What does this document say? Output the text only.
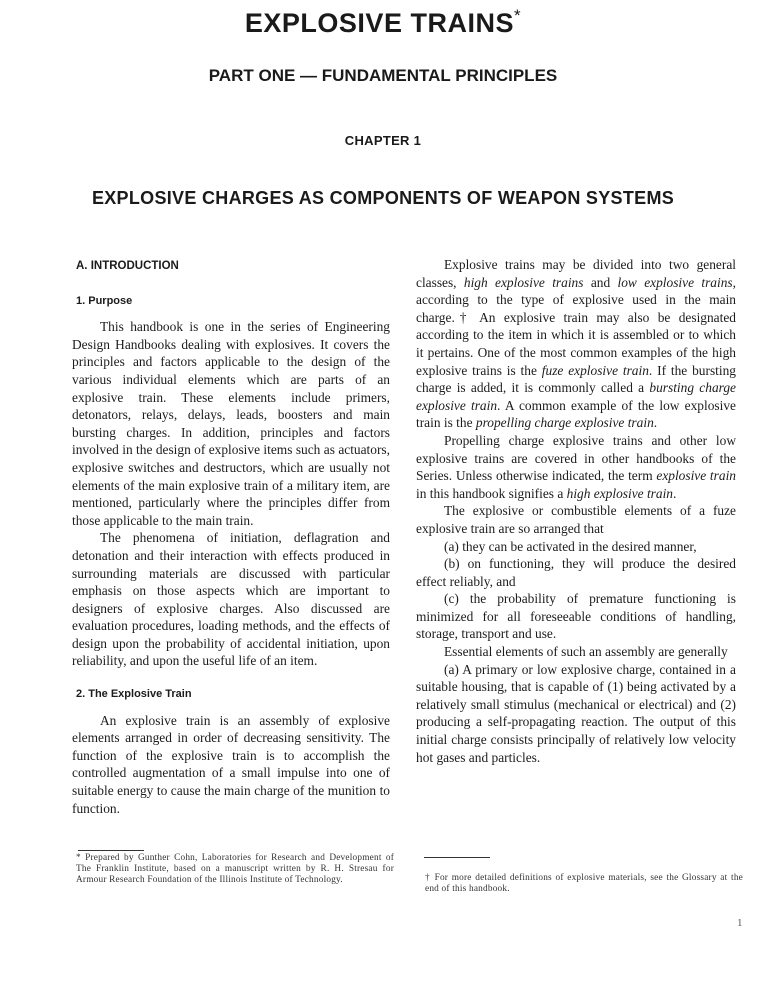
EXPLOSIVE TRAINS*
PART ONE — FUNDAMENTAL PRINCIPLES
CHAPTER 1
EXPLOSIVE CHARGES AS COMPONENTS OF WEAPON SYSTEMS
A. INTRODUCTION
1. Purpose

This handbook is one in the series of Engineering Design Handbooks dealing with explosives. It covers the principles and factors applicable to the design of the various individual elements which are parts of an explosive train. These elements include primers, detonators, relays, delays, leads, boosters and main bursting charges. In addition, principles and factors involved in the design of explosive items such as actuators, explosive switches and destructors, which are usually not elements of the main explosive train of a military item, are mentioned, particularly where the principles differ from those applicable to the main train.

The phenomena of initiation, deflagration and detonation and their interaction with effects produced in surrounding materials are discussed with particular emphasis on those aspects which are important to designers of explosive charges. Also discussed are evaluation procedures, loading methods, and the effects of design upon the probability of accidental initiation, upon reliability, and upon the useful life of an item.

2. The Explosive Train

An explosive train is an assembly of explosive elements arranged in order of decreasing sensitivity. The function of the explosive train is to accomplish the controlled augmentation of a small impulse into one of suitable energy to cause the main charge of the munition to function.

Explosive trains may be divided into two general classes, high explosive trains and low explosive trains, according to the type of explosive used in the main charge.† An explosive train may also be designated according to the item in which it is assembled or to which it pertains. One of the most common examples of the high explosive trains is the fuze explosive train. If the bursting charge is added, it is commonly called a bursting charge explosive train. A common example of the low explosive train is the propelling charge explosive train.

Propelling charge explosive trains and other low explosive trains are covered in other handbooks of the Series. Unless otherwise indicated, the term explosive train in this handbook signifies a high explosive train.

The explosive or combustible elements of a fuze explosive train are so arranged that

(a) they can be activated in the desired manner,

(b) on functioning, they will produce the desired effect reliably, and

(c) the probability of premature functioning is minimized for all foreseeable conditions of handling, storage, transport and use.

Essential elements of such an assembly are generally

(a) A primary or low explosive charge, contained in a suitable housing, that is capable of (1) being activated by a relatively small stimulus (mechanical or electrical) and (2) producing a self-propagating reaction. The output of this initial charge consists principally of relatively low velocity hot gases and particles.

* Prepared by Gunther Cohn, Laboratories for Research and Development of The Franklin Institute, based on a manuscript written by R. H. Stresau for Armour Research Foundation of the Illinois Institute of Technology.	† For more detailed definitions of explosive materials, see the Glossary at the end of this handbook.
1
